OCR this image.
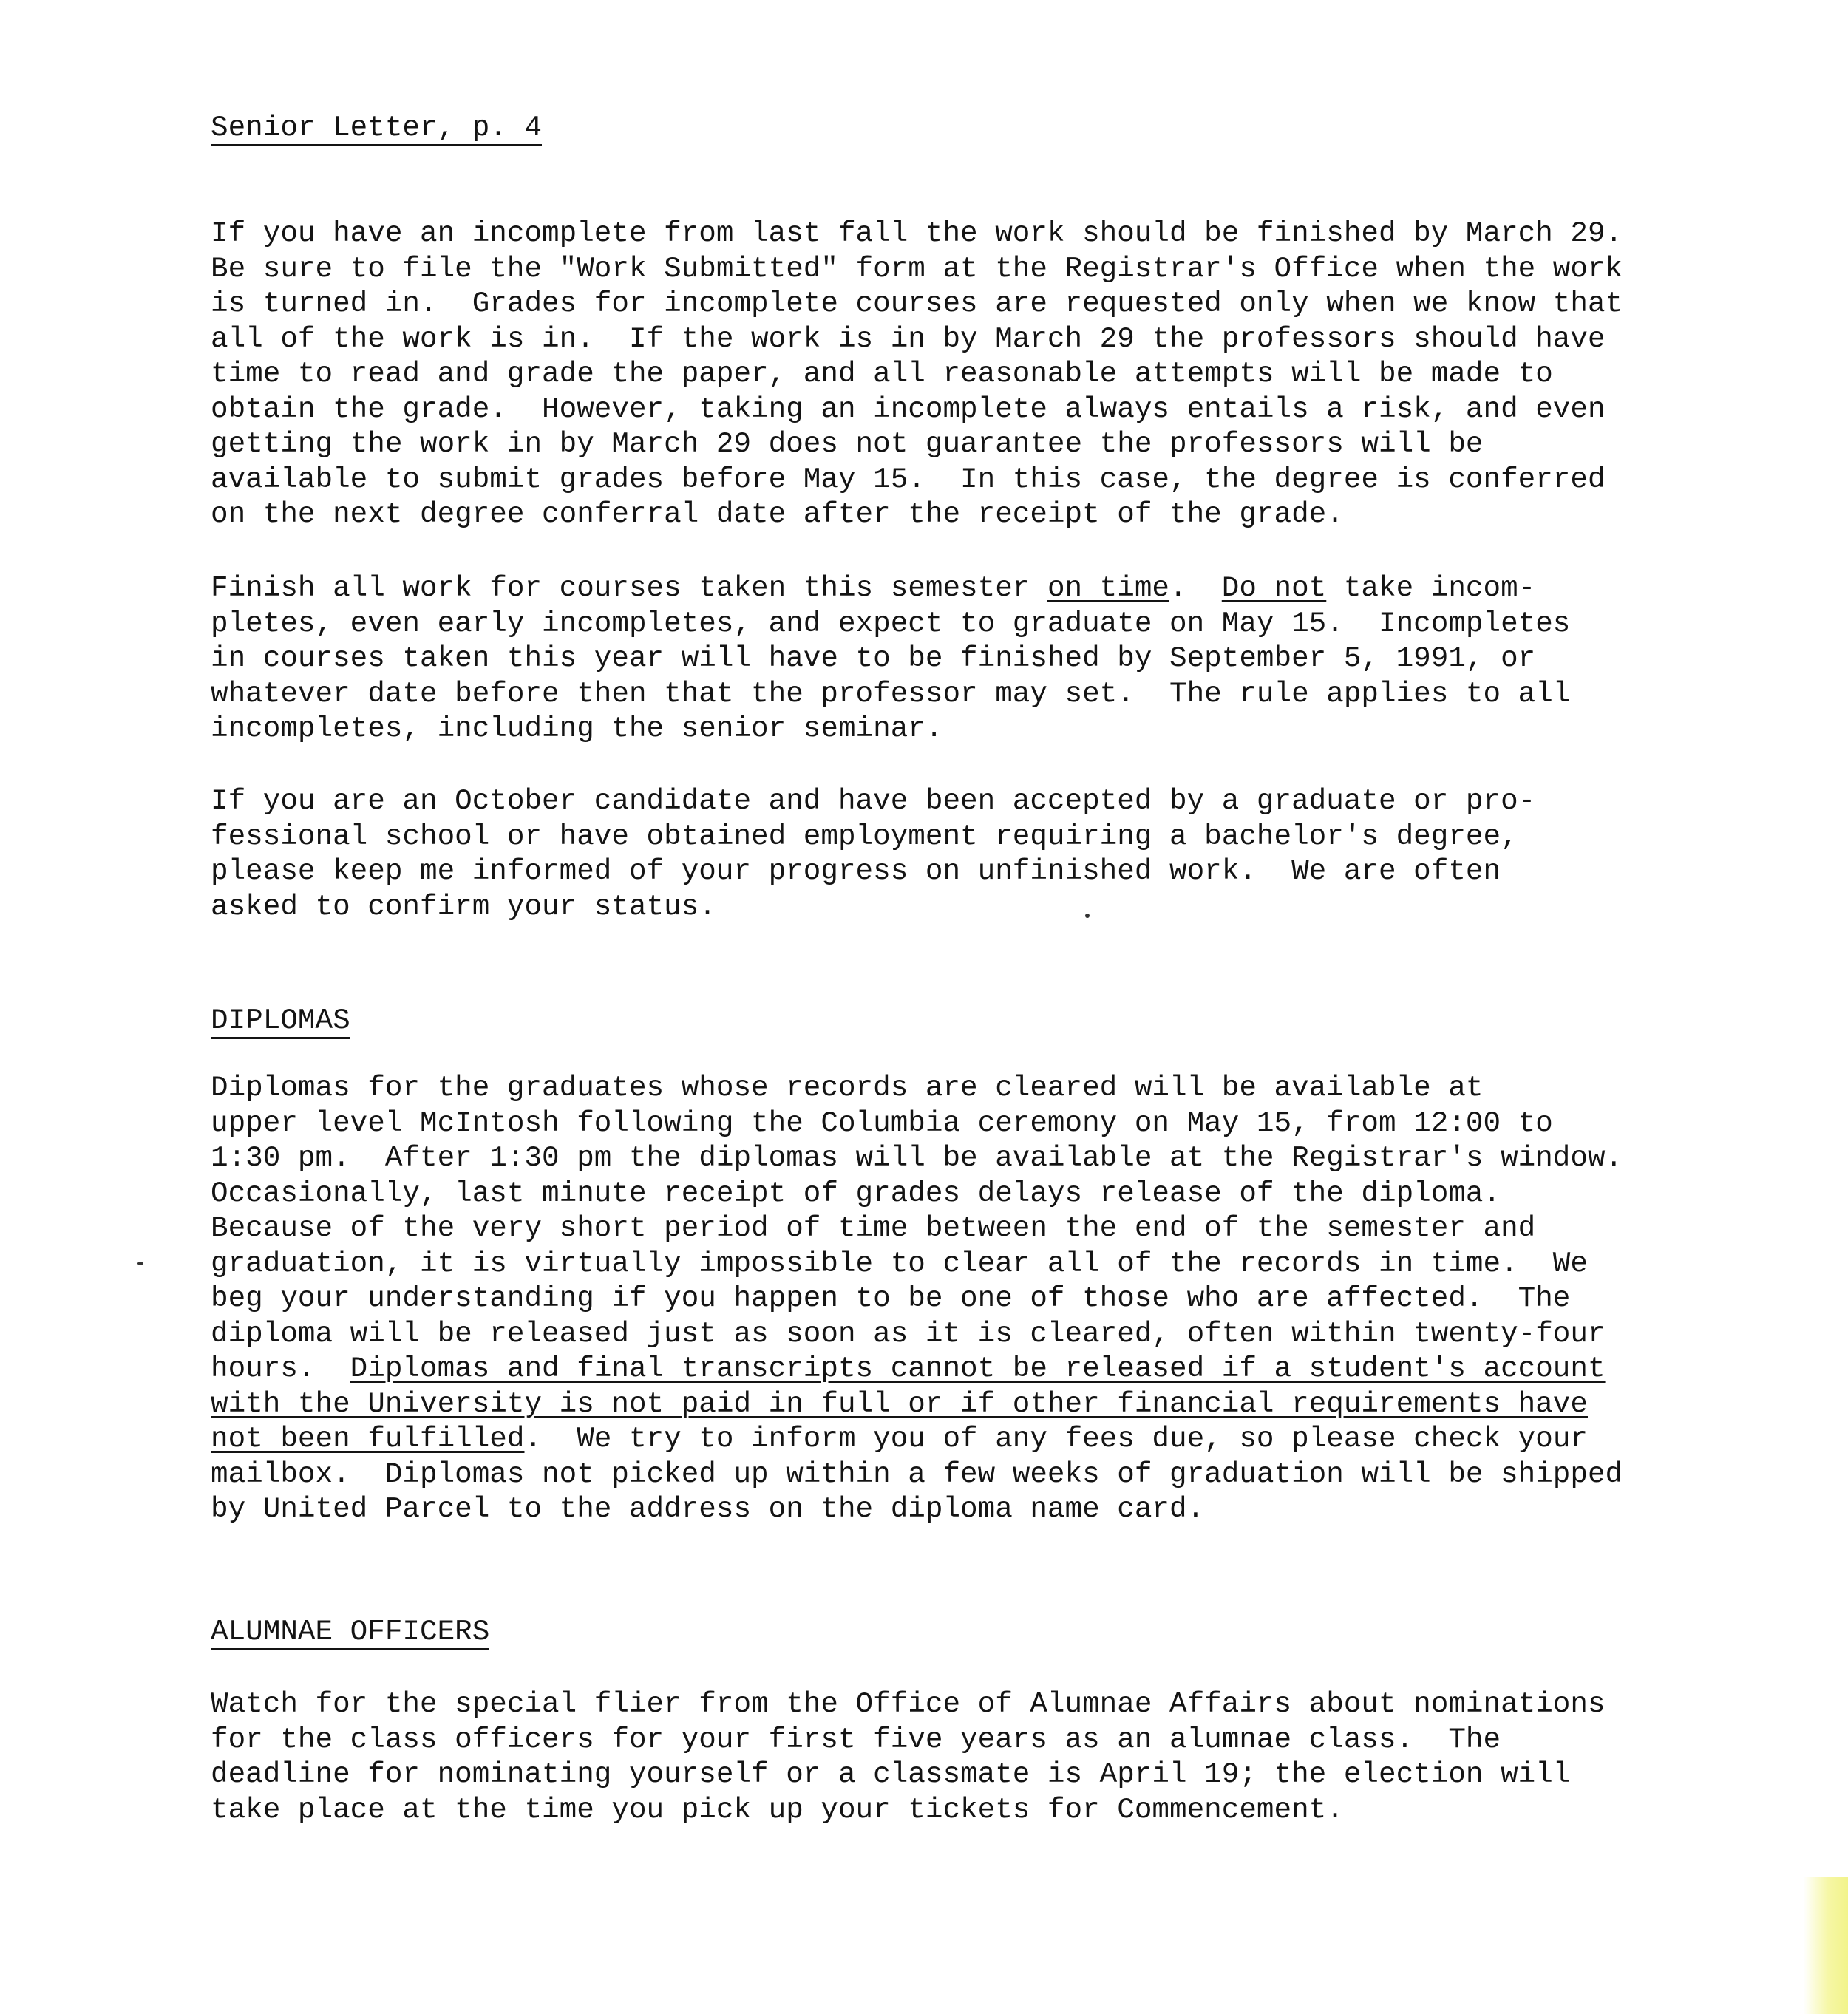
Senior Letter, p. 4
If you have an incomplete from last fall the work should be finished by March 29.
Be sure to file the "Work Submitted" form at the Registrar's Office when the work
is turned in.  Grades for incomplete courses are requested only when we know that
all of the work is in.  If the work is in by March 29 the professors should have
time to read and grade the paper, and all reasonable attempts will be made to
obtain the grade.  However, taking an incomplete always entails a risk, and even
getting the work in by March 29 does not guarantee the professors will be
available to submit grades before May 15.  In this case, the degree is conferred
on the next degree conferral date after the receipt of the grade.
Finish all work for courses taken this semester on time.  Do not take incom-
pletes, even early incompletes, and expect to graduate on May 15.  Incompletes
in courses taken this year will have to be finished by September 5, 1991, or
whatever date before then that the professor may set.  The rule applies to all
incompletes, including the senior seminar.
If you are an October candidate and have been accepted by a graduate or pro-
fessional school or have obtained employment requiring a bachelor's degree,
please keep me informed of your progress on unfinished work.  We are often
asked to confirm your status.
DIPLOMAS
Diplomas for the graduates whose records are cleared will be available at
upper level McIntosh following the Columbia ceremony on May 15, from 12:00 to
1:30 pm.  After 1:30 pm the diplomas will be available at the Registrar's window.
Occasionally, last minute receipt of grades delays release of the diploma.
Because of the very short period of time between the end of the semester and
graduation, it is virtually impossible to clear all of the records in time.  We
beg your understanding if you happen to be one of those who are affected.  The
diploma will be released just as soon as it is cleared, often within twenty-four
hours.  Diplomas and final transcripts cannot be released if a student's account
with the University is not paid in full or if other financial requirements have
not been fulfilled.  We try to inform you of any fees due, so please check your
mailbox.  Diplomas not picked up within a few weeks of graduation will be shipped
by United Parcel to the address on the diploma name card.
ALUMNAE OFFICERS
Watch for the special flier from the Office of Alumnae Affairs about nominations
for the class officers for your first five years as an alumnae class.  The
deadline for nominating yourself or a classmate is April 19; the election will
take place at the time you pick up your tickets for Commencement.
